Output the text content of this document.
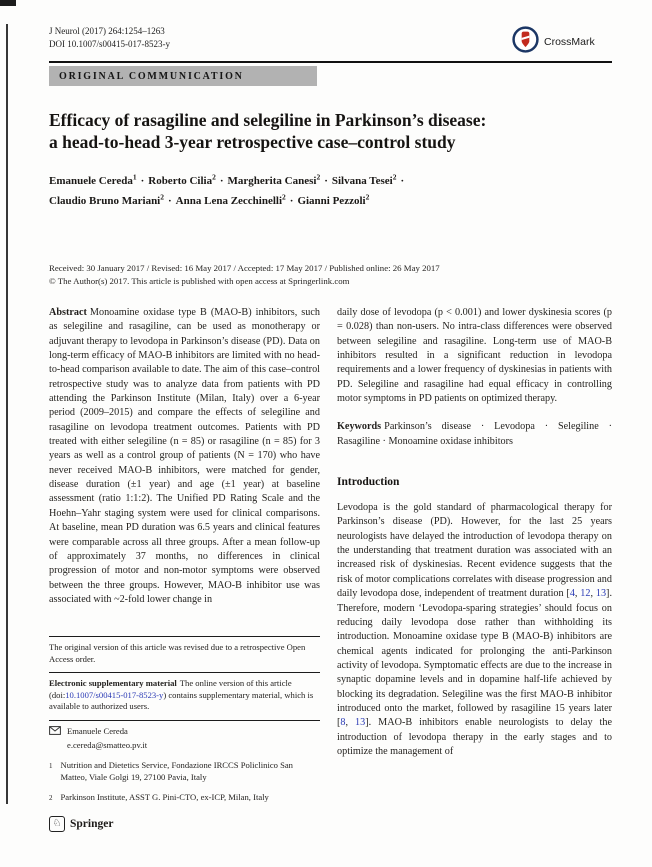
J Neurol (2017) 264:1254–1263
DOI 10.1007/s00415-017-8523-y	CrossMark
ORIGINAL COMMUNICATION
Efficacy of rasagiline and selegiline in Parkinson’s disease:
a head-to-head 3-year retrospective case–control study
Emanuele Cereda$^1$ · Roberto Cilia$^2$ · Margherita Canesi$^2$ · Silvana Tesei$^2$ ·
Claudio Bruno Mariani$^2$ · Anna Lena Zecchinelli$^2$ · Gianni Pezzoli$^2$
Received: 30 January 2017 / Revised: 16 May 2017 / Accepted: 17 May 2017 / Published online: 26 May 2017
© The Author(s) 2017. This article is published with open access at Springerlink.com

Abstract Monoamine oxidase type B (MAO-B) inhibitors, such as selegiline and rasagiline, can be used as monotherapy or adjuvant therapy to levodopa in Parkinson’s disease (PD). Data on long-term efficacy of MAO-B inhibitors are limited with no head-to-head comparison available to date. The aim of this case–control retrospective study was to analyze data from patients with PD attending the Parkinson Institute (Milan, Italy) over a 6-year period (2009–2015) and compare the effects of selegiline and rasagiline on levodopa treatment outcomes. Patients with PD treated with either selegiline (n = 85) or rasagiline (n = 85) for 3 years as well as a control group of patients (N = 170) who have never received MAO-B inhibitors, were matched for gender, disease duration (±1 year) and age (±1 year) at baseline assessment (ratio 1:1:2). The Unified PD Rating Scale and the Hoehn–Yahr staging system were used for clinical comparisons. At baseline, mean PD duration was 6.5 years and clinical features were comparable across all three groups. After a mean follow-up of approximately 37 months, no differences in clinical progression of motor and non-motor symptoms were observed between the three groups. However, MAO-B inhibitor use was associated with ~2-fold lower change in

The original version of this article was revised due to a retrospective Open Access order.

Electronic supplementary material The online version of this article (doi:10.1007/s00415-017-8523-y) contains supplementary material, which is available to authorized users.

Emanuele Cereda
e.cereda@smatteo.pv.it
1 Nutrition and Dietetics Service, Fondazione IRCCS Policlinico San Matteo, Viale Golgi 19, 27100 Pavia, Italy
2 Parkinson Institute, ASST G. Pini-CTO, ex-ICP, Milan, Italy

daily dose of levodopa (p < 0.001) and lower dyskinesia scores (p = 0.028) than non-users. No intra-class differences were observed between selegiline and rasagiline. Long-term use of MAO-B inhibitors resulted in a significant reduction in levodopa requirements and a lower frequency of dyskinesias in patients with PD. Selegiline and rasagiline had equal efficacy in controlling motor symptoms in PD patients on optimized therapy.

Keywords Parkinson’s disease · Levodopa · Selegiline · Rasagiline · Monoamine oxidase inhibitors

Introduction

Levodopa is the gold standard of pharmacological therapy for Parkinson’s disease (PD). However, for the last 25 years neurologists have delayed the introduction of levodopa therapy on the understanding that treatment duration was associated with an increased risk of dyskinesias. Recent evidence suggests that the risk of motor complications correlates with disease progression and daily levodopa dose, independent of treatment duration [4, 12, 13]. Therefore, modern ‘Levodopa-sparing strategies’ should focus on reducing daily levodopa dose rather than withholding its introduction. Monoamine oxidase type B (MAO-B) inhibitors are chemical agents indicated for prolonging the anti-Parkinson activity of levodopa. Symptomatic effects are due to the increase in synaptic dopamine levels and in dopamine half-life achieved by blocking its degradation. Selegiline was the first MAO-B inhibitor introduced onto the market, followed by rasagiline 15 years later [8, 13]. MAO-B inhibitors enable neurologists to delay the introduction of levodopa therapy in the early stages and to optimize the management of

♘ Springer
